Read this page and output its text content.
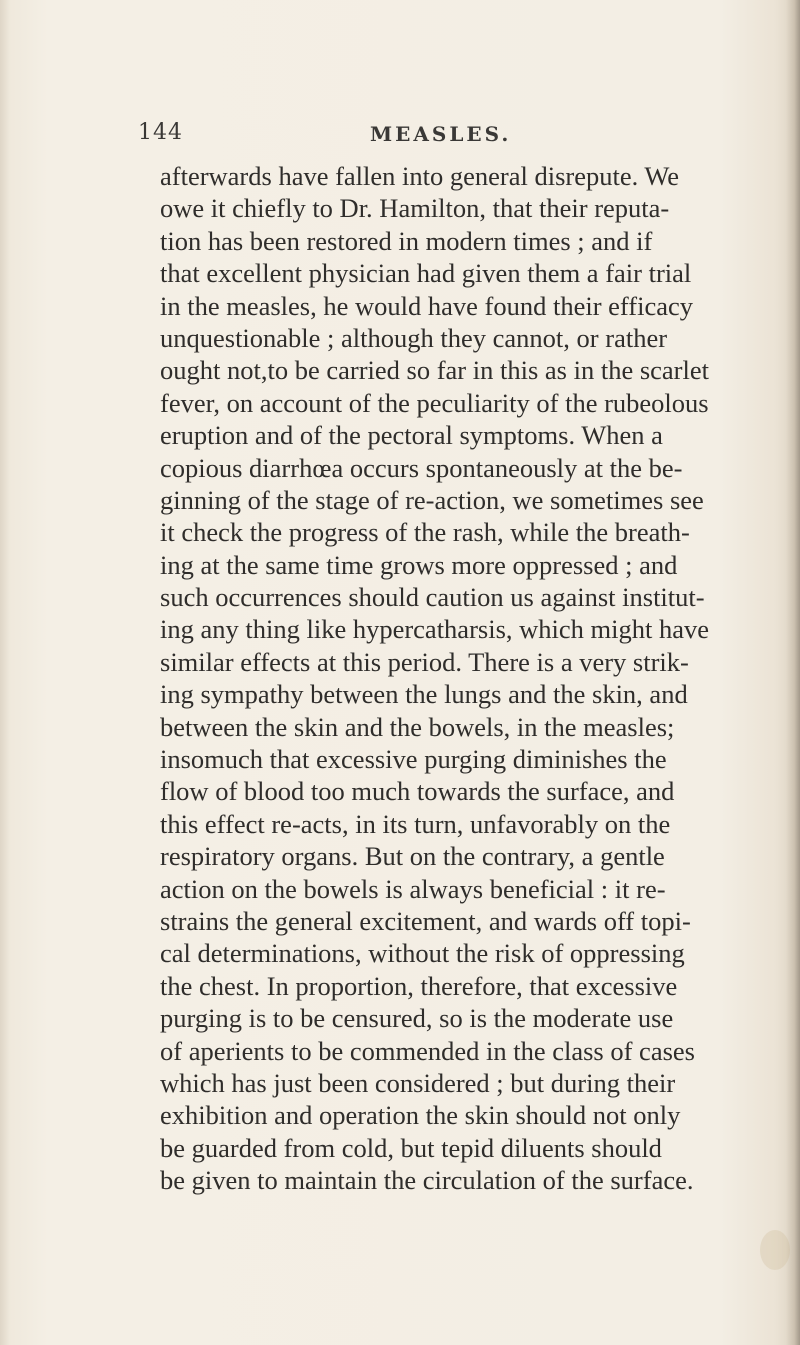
144	MEASLES.
afterwards have fallen into general disrepute. We
owe it chiefly to Dr. Hamilton, that their reputa-
tion has been restored in modern times ; and if
that excellent physician had given them a fair trial
in the measles, he would have found their efficacy
unquestionable ; although they cannot, or rather
ought not,to be carried so far in this as in the scarlet
fever, on account of the peculiarity of the rubeolous
eruption and of the pectoral symptoms. When a
copious diarrhœa occurs spontaneously at the be-
ginning of the stage of re-action, we sometimes see
it check the progress of the rash, while the breath-
ing at the same time grows more oppressed ; and
such occurrences should caution us against institut-
ing any thing like hypercatharsis, which might have
similar effects at this period. There is a very strik-
ing sympathy between the lungs and the skin, and
between the skin and the bowels, in the measles;
insomuch that excessive purging diminishes the
flow of blood too much towards the surface, and
this effect re-acts, in its turn, unfavorably on the
respiratory organs. But on the contrary, a gentle
action on the bowels is always beneficial : it re-
strains the general excitement, and wards off topi-
cal determinations, without the risk of oppressing
the chest. In proportion, therefore, that excessive
purging is to be censured, so is the moderate use
of aperients to be commended in the class of cases
which has just been considered ; but during their
exhibition and operation the skin should not only
be guarded from cold, but tepid diluents should
be given to maintain the circulation of the surface.
